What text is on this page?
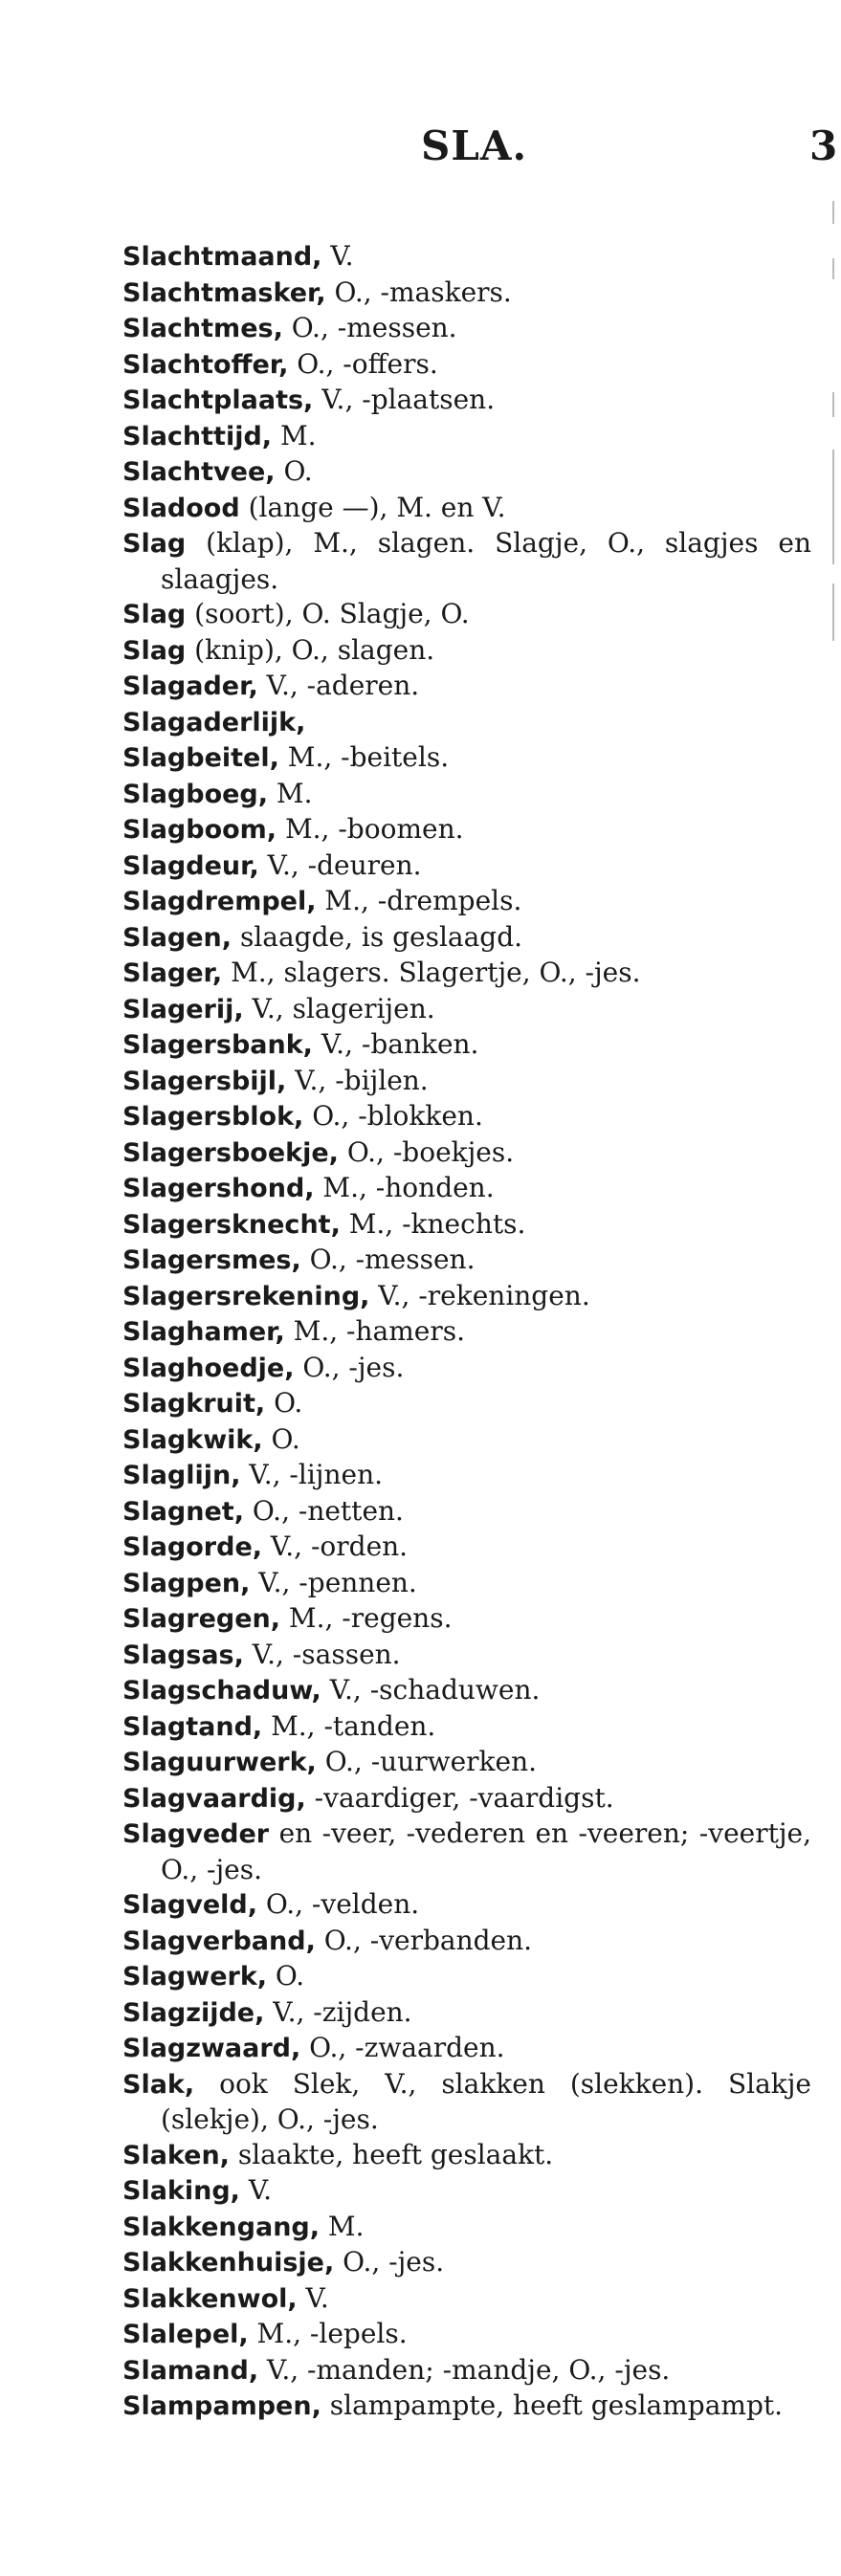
SLA.	3

Slachtmaand, V.

Slachtmasker, O., -maskers.

Slachtmes, O., -messen.

Slachtoffer, O., -offers.

Slachtplaats, V., -plaatsen.

Slachttijd, M.

Slachtvee, O.

Sladood (lange —), M. en V.

Slag (klap), M., slagen. Slagje, O., slagjes en slaagjes.

Slag (soort), O. Slagje, O.

Slag (knip), O., slagen.

Slagader, V., -aderen.

Slagaderlijk,

Slagbeitel, M., -beitels.

Slagboeg, M.

Slagboom, M., -boomen.

Slagdeur, V., -deuren.

Slagdrempel, M., -drempels.

Slagen, slaagde, is geslaagd.

Slager, M., slagers. Slagertje, O., -jes.

Slagerij, V., slagerijen.

Slagersbank, V., -banken.

Slagersbijl, V., -bijlen.

Slagersblok, O., -blokken.

Slagersboekje, O., -boekjes.

Slagershond, M., -honden.

Slagersknecht, M., -knechts.

Slagersmes, O., -messen.

Slagersrekening, V., -rekeningen.

Slaghamer, M., -hamers.

Slaghoedje, O., -jes.

Slagkruit, O.

Slagkwik, O.

Slaglijn, V., -lijnen.

Slagnet, O., -netten.

Slagorde, V., -orden.

Slagpen, V., -pennen.

Slagregen, M., -regens.

Slagsas, V., -sassen.

Slagschaduw, V., -schaduwen.

Slagtand, M., -tanden.

Slaguurwerk, O., -uurwerken.

Slagvaardig, -vaardiger, -vaardigst.

Slagveder en -veer, -vederen en -veeren; -veertje, O., -jes.

Slagveld, O., -velden.

Slagverband, O., -verbanden.

Slagwerk, O.

Slagzijde, V., -zijden.

Slagzwaard, O., -zwaarden.

Slak, ook Slek, V., slakken (slekken). Slakje (slekje), O., -jes.

Slaken, slaakte, heeft geslaakt.

Slaking, V.

Slakkengang, M.

Slakkenhuisje, O., -jes.

Slakkenwol, V.

Slalepel, M., -lepels.

Slamand, V., -manden; -mandje, O., -jes.

Slampampen, slampampte, heeft geslampampt.
